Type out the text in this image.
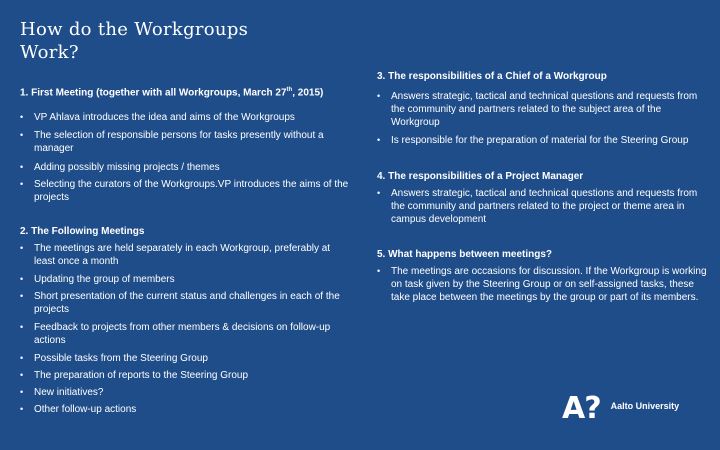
How do the Workgroups
Work?

1. First Meeting (together with all Workgroups, March 27th, 2015)

• VP Ahlava introduces the idea and aims of the Workgroups
• The selection of responsible persons for tasks presently without a manager
• Adding possibly missing projects / themes
• Selecting the curators of the Workgroups.VP introduces the aims of the projects

2. The Following Meetings

• The meetings are held separately in each Workgroup, preferably at least once a month
• Updating the group of members
• Short presentation of the current status and challenges in each of the projects
• Feedback to projects from other members & decisions on follow-up actions
• Possible tasks from the Steering Group
• The preparation of reports to the Steering Group
• New initiatives?
• Other follow-up actions

3. The responsibilities of a Chief of a Workgroup

• Answers strategic, tactical and technical questions and requests from the community and partners related to the subject area of the Workgroup
• Is responsible for the preparation of material for the Steering Group

4. The responsibilities of a Project Manager

• Answers strategic, tactical and technical questions and requests from the community and partners related to the project or theme area in campus development

5. What happens between meetings?

• The meetings are occasions for discussion. If the Workgroup is working on task given by the Steering Group or on self-assigned tasks, these take place between the meetings by the group or part of its members.
A? Aalto University
